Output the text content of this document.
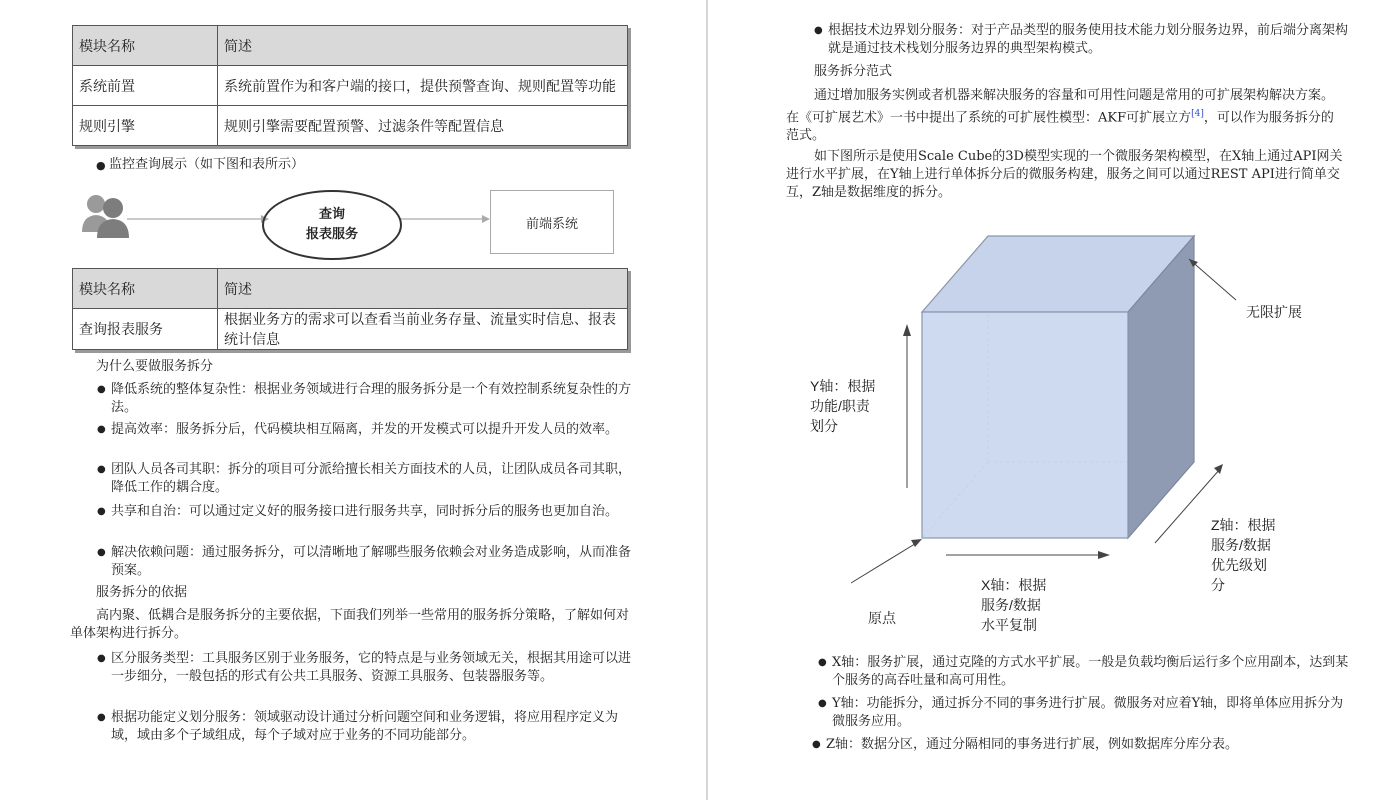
模块名称	简述
系统前置	系统前置作为和客户端的接口，提供预警查询、规则配置等功能
规则引擎	规则引擎需要配置预警、过滤条件等配置信息
● 监控查询展示（如下图和表所示）
查询
报表服务
前端系统
模块名称	简述
查询报表服务	根据业务方的需求可以查看当前业务存量、流量实时信息、报表统计信息
为什么要做服务拆分
● 降低系统的整体复杂性：根据业务领域进行合理的服务拆分是一个有效控制系统复杂性的方法。
● 提高效率：服务拆分后，代码模块相互隔离，并发的开发模式可以提升开发人员的效率。
● 团队人员各司其职：拆分的项目可分派给擅长相关方面技术的人员，让团队成员各司其职，降低工作的耦合度。
● 共享和自治：可以通过定义好的服务接口进行服务共享，同时拆分后的服务也更加自治。
● 解决依赖问题：通过服务拆分，可以清晰地了解哪些服务依赖会对业务造成影响，从而准备预案。
服务拆分的依据
高内聚、低耦合是服务拆分的主要依据，下面我们列举一些常用的服务拆分策略，了解如何对单体架构进行拆分。
● 区分服务类型：工具服务区别于业务服务，它的特点是与业务领域无关，根据其用途可以进一步细分，一般包括的形式有公共工具服务、资源工具服务、包装器服务等。
● 根据功能定义划分服务：领域驱动设计通过分析问题空间和业务逻辑，将应用程序定义为域，域由多个子域组成，每个子域对应于业务的不同功能部分。
● 根据技术边界划分服务：对于产品类型的服务使用技术能力划分服务边界，前后端分离架构就是通过技术栈划分服务边界的典型架构模式。
服务拆分范式
通过增加服务实例或者机器来解决服务的容量和可用性问题是常用的可扩展架构解决方案。在《可扩展艺术》一书中提出了系统的可扩展性模型：AKF可扩展立方[4]，可以作为服务拆分的范式。
如下图所示是使用Scale Cube的3D模型实现的一个微服务架构模型，在X轴上通过API网关进行水平扩展，在Y轴上进行单体拆分后的微服务构建，服务之间可以通过REST API进行简单交互，Z轴是数据维度的拆分。
无限扩展
Y轴：根据
功能/职责
划分
Z轴：根据
服务/数据
优先级划
分
X轴：根据
服务/数据
水平复制
原点
● X轴：服务扩展，通过克隆的方式水平扩展。一般是负载均衡后运行多个应用副本，达到某个服务的高吞吐量和高可用性。
● Y轴：功能拆分，通过拆分不同的事务进行扩展。微服务对应着Y轴，即将单体应用拆分为微服务应用。
● Z轴：数据分区，通过分隔相同的事务进行扩展，例如数据库分库分表。
